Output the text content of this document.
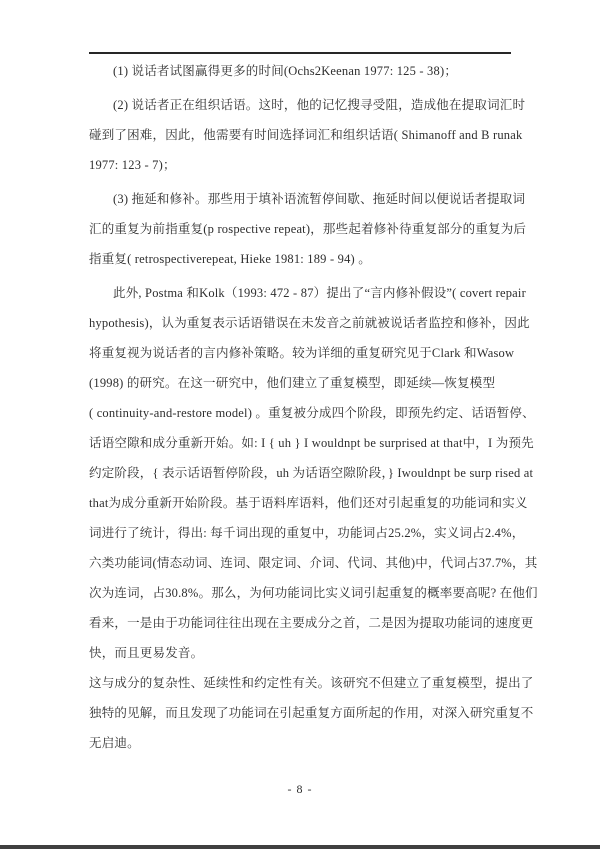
(1) 说话者试图赢得更多的时间(Ochs2Keenan 1977: 125 - 38)；
(2) 说话者正在组织话语。这时，他的记忆搜寻受阻，造成他在提取词汇时
碰到了困难，因此，他需要有时间选择词汇和组织话语( Shimanoff and B runak
1977: 123 - 7)；
(3) 拖延和修补。那些用于填补语流暂停间歇、拖延时间以便说话者提取词
汇的重复为前指重复(p rospective repeat)，那些起着修补待重复部分的重复为后
指重复( retrospectiverepeat, Hieke 1981: 189 - 94) 。
此外, Postma 和Kolk（1993: 472 - 87）提出了“言内修补假设”( covert repair
hypothesis)，认为重复表示话语错误在未发音之前就被说话者监控和修补，因此
将重复视为说话者的言内修补策略。较为详细的重复研究见于Clark 和Wasow
(1998) 的研究。在这一研究中，他们建立了重复模型，即延续—恢复模型
( continuity-and-restore model) 。重复被分成四个阶段，即预先约定、话语暂停、
话语空隙和成分重新开始。如: I { uh } I wouldnpt be surprised at that中，I 为预先
约定阶段，{ 表示话语暂停阶段，uh 为话语空隙阶段，} Iwouldnpt be surp rised at
that为成分重新开始阶段。基于语料库语料，他们还对引起重复的功能词和实义
词进行了统计，得出: 每千词出现的重复中，功能词占25.2%，实义词占2.4%，
六类功能词(情态动词、连词、限定词、介词、代词、其他)中，代词占37.7%，其
次为连词，占30.8%。那么，为何功能词比实义词引起重复的概率要高呢? 在他们
看来，一是由于功能词往往出现在主要成分之首，二是因为提取功能词的速度更
快，而且更易发音。
这与成分的复杂性、延续性和约定性有关。该研究不但建立了重复模型，提出了
独特的见解，而且发现了功能词在引起重复方面所起的作用，对深入研究重复不
无启迪。
- 8 -
